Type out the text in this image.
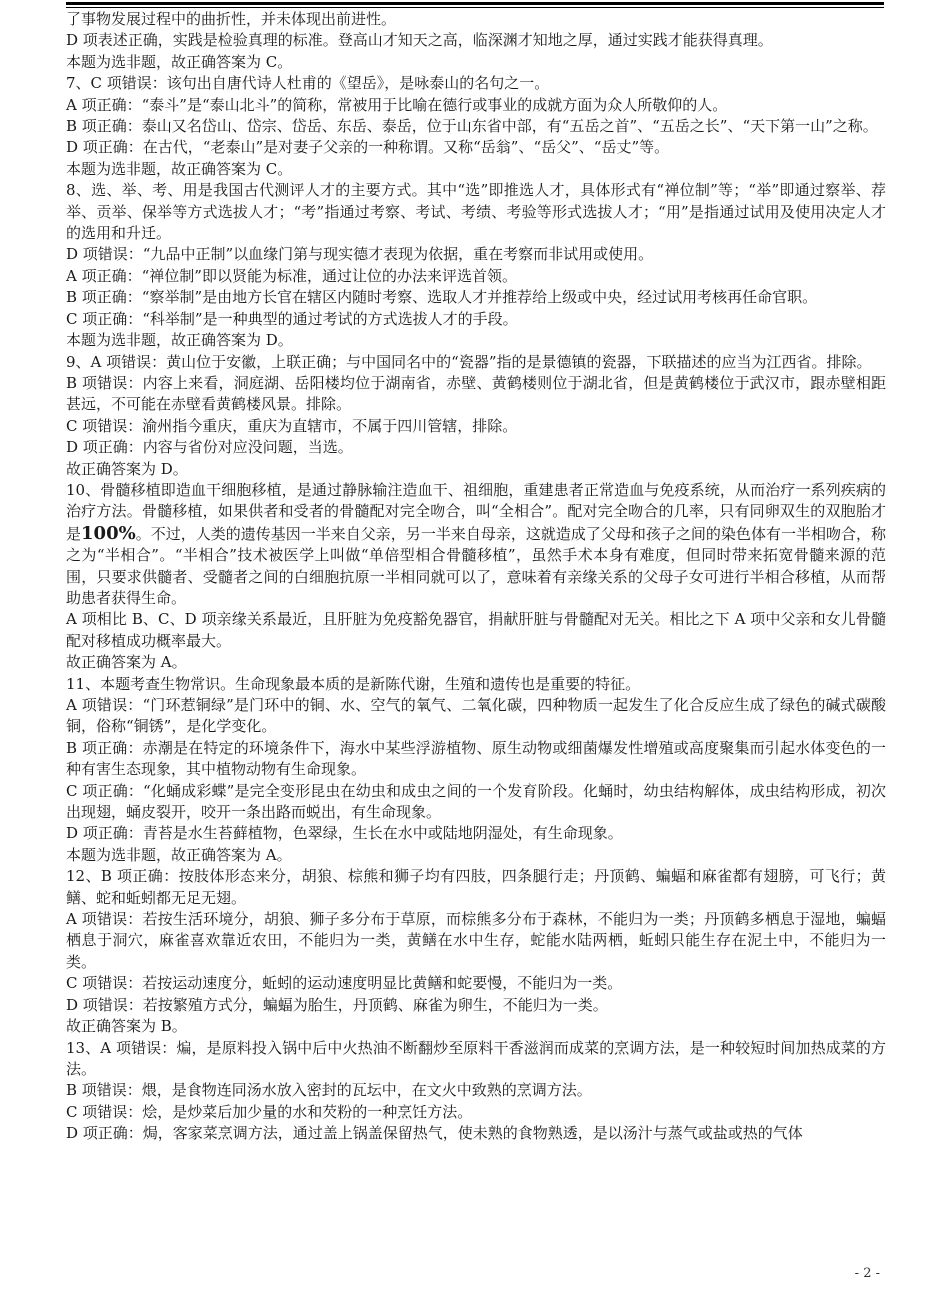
了事物发展过程中的曲折性，并未体现出前进性。

D 项表述正确，实践是检验真理的标准。登高山才知天之高，临深渊才知地之厚，通过实践才能获得真理。

本题为选非题，故正确答案为 C。

7、C 项错误：该句出自唐代诗人杜甫的《望岳》，是咏泰山的名句之一。

A 项正确：“泰斗”是“泰山北斗”的简称，常被用于比喻在德行或事业的成就方面为众人所敬仰的人。

B 项正确：泰山又名岱山、岱宗、岱岳、东岳、泰岳，位于山东省中部，有“五岳之首”、“五岳之长”、“天下第一山”之称。

D 项正确：在古代，“老泰山”是对妻子父亲的一种称谓。又称“岳翁”、“岳父”、“岳丈”等。

本题为选非题，故正确答案为 C。

8、选、举、考、用是我国古代测评人才的主要方式。其中“选”即推选人才，具体形式有“禅位制”等；“举”即通过察举、荐举、贡举、保举等方式选拔人才；“考”指通过考察、考试、考绩、考验等形式选拔人才；“用”是指通过试用及使用决定人才的选用和升迁。

D 项错误：“九品中正制”以血缘门第与现实德才表现为依据，重在考察而非试用或使用。

A 项正确：“禅位制”即以贤能为标准，通过让位的办法来评选首领。

B 项正确：“察举制”是由地方长官在辖区内随时考察、选取人才并推荐给上级或中央，经过试用考核再任命官职。

C 项正确：“科举制”是一种典型的通过考试的方式选拔人才的手段。

本题为选非题，故正确答案为 D。

9、A 项错误：黄山位于安徽，上联正确；与中国同名中的“瓷器”指的是景德镇的瓷器，下联描述的应当为江西省。排除。

B 项错误：内容上来看，洞庭湖、岳阳楼均位于湖南省，赤壁、黄鹤楼则位于湖北省，但是黄鹤楼位于武汉市，跟赤壁相距甚远，不可能在赤壁看黄鹤楼风景。排除。

C 项错误：渝州指今重庆，重庆为直辖市，不属于四川管辖，排除。

D 项正确：内容与省份对应没问题，当选。

故正确答案为 D。

10、骨髓移植即造血干细胞移植，是通过静脉输注造血干、祖细胞，重建患者正常造血与免疫系统，从而治疗一系列疾病的治疗方法。骨髓移植，如果供者和受者的骨髓配对完全吻合，叫“全相合”。配对完全吻合的几率，只有同卵双生的双胞胎才是100%。不过，人类的遗传基因一半来自父亲，另一半来自母亲，这就造成了父母和孩子之间的染色体有一半相吻合，称之为“半相合”。“半相合”技术被医学上叫做“单倍型相合骨髓移植”，虽然手术本身有难度，但同时带来拓宽骨髓来源的范围，只要求供髓者、受髓者之间的白细胞抗原一半相同就可以了，意味着有亲缘关系的父母子女可进行半相合移植，从而帮助患者获得生命。

A 项相比 B、C、D 项亲缘关系最近，且肝脏为免疫豁免器官，捐献肝脏与骨髓配对无关。相比之下 A 项中父亲和女儿骨髓配对移植成功概率最大。

故正确答案为 A。

11、本题考查生物常识。生命现象最本质的是新陈代谢，生殖和遗传也是重要的特征。

A 项错误：“门环惹铜绿”是门环中的铜、水、空气的氧气、二氧化碳，四种物质一起发生了化合反应生成了绿色的碱式碳酸铜，俗称“铜锈”，是化学变化。

B 项正确：赤潮是在特定的环境条件下，海水中某些浮游植物、原生动物或细菌爆发性增殖或高度聚集而引起水体变色的一种有害生态现象，其中植物动物有生命现象。

C 项正确：“化蛹成彩蝶”是完全变形昆虫在幼虫和成虫之间的一个发育阶段。化蛹时，幼虫结构解体，成虫结构形成，初次出现翅，蛹皮裂开，咬开一条出路而蜕出，有生命现象。

D 项正确：青苔是水生苔藓植物，色翠绿，生长在水中或陆地阴湿处，有生命现象。

本题为选非题，故正确答案为 A。

12、B 项正确：按肢体形态来分，胡狼、棕熊和狮子均有四肢，四条腿行走；丹顶鹤、蝙蝠和麻雀都有翅膀，可飞行；黄鳝、蛇和蚯蚓都无足无翅。

A 项错误：若按生活环境分，胡狼、狮子多分布于草原，而棕熊多分布于森林，不能归为一类；丹顶鹤多栖息于湿地，蝙蝠栖息于洞穴，麻雀喜欢靠近农田，不能归为一类，黄鳝在水中生存，蛇能水陆两栖，蚯蚓只能生存在泥土中，不能归为一类。

C 项错误：若按运动速度分，蚯蚓的运动速度明显比黄鳝和蛇要慢，不能归为一类。

D 项错误：若按繁殖方式分，蝙蝠为胎生，丹顶鹤、麻雀为卵生，不能归为一类。

故正确答案为 B。

13、A 项错误：煸，是原料投入锅中后中火热油不断翻炒至原料干香滋润而成菜的烹调方法，是一种较短时间加热成菜的方法。

B 项错误：煨，是食物连同汤水放入密封的瓦坛中，在文火中致熟的烹调方法。

C 项错误：烩，是炒菜后加少量的水和芡粉的一种烹饪方法。

D 项正确：焗，客家菜烹调方法，通过盖上锅盖保留热气，使未熟的食物熟透，是以汤汁与蒸气或盐或热的气体

- 2 -
